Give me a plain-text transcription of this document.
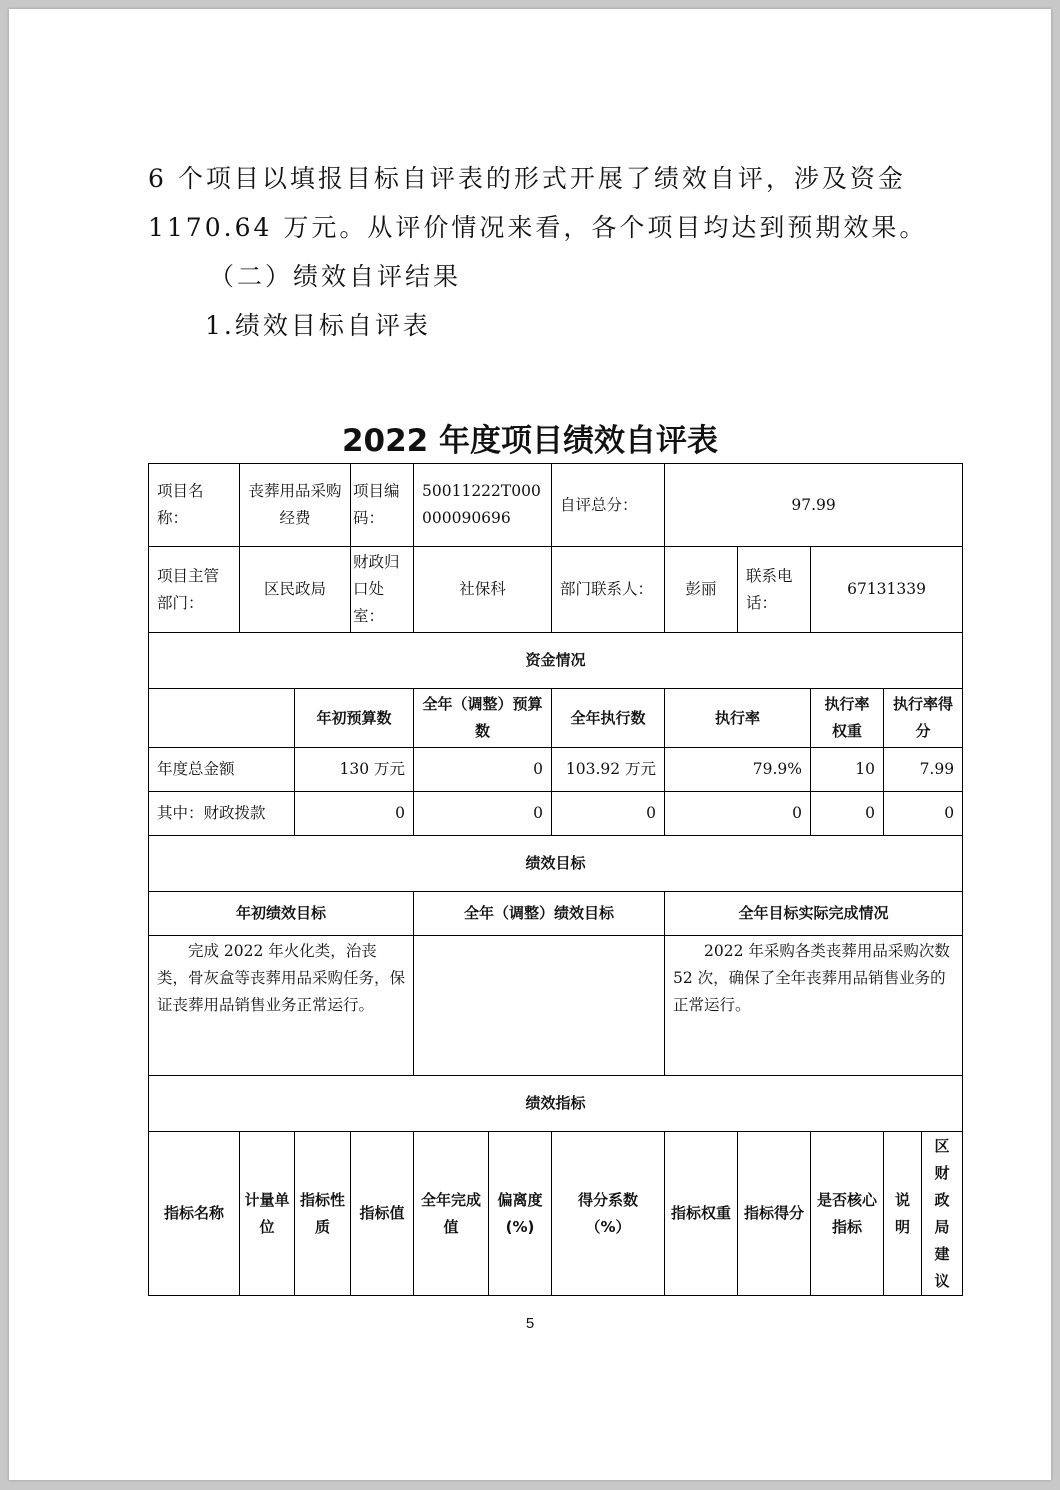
6 个项目以填报目标自评表的形式开展了绩效自评，涉及资金
1170.64 万元。从评价情况来看，各个项目均达到预期效果。
（二）绩效自评结果
1.绩效目标自评表
2022 年度项目绩效自评表
项目名称：	丧葬用品采购经费		项目编码：	50011222T000000090696		自评总分：	97.99				
项目主管部门：	区民政局		财政归口处室：	社保科		部门联系人：	彭丽	联系电话：	67131339		
资金情况											
		年初预算数		全年（调整）预算数		全年执行数	执行率		执行率权重	执行率得分	
年度总金额		130 万元		0		103.92 万元	79.9%		10	7.99	
其中：财政拨款		0		0		0	0		0	0	
绩效目标											
年初绩效目标				全年（调整）绩效目标			全年目标实际完成情况				
完成 2022 年火化类，治丧类，骨灰盒等丧葬用品采购任务，保证丧葬用品销售业务正常运行。							2022 年采购各类丧葬用品采购次数 52 次，确保了全年丧葬用品销售业务的正常运行。				
绩效指标											
指标名称	计量单位	指标性质	指标值	全年完成值	偏离度(%)	得分系数（%）	指标权重	指标得分	是否核心指标	说明	区财政局建议
5
